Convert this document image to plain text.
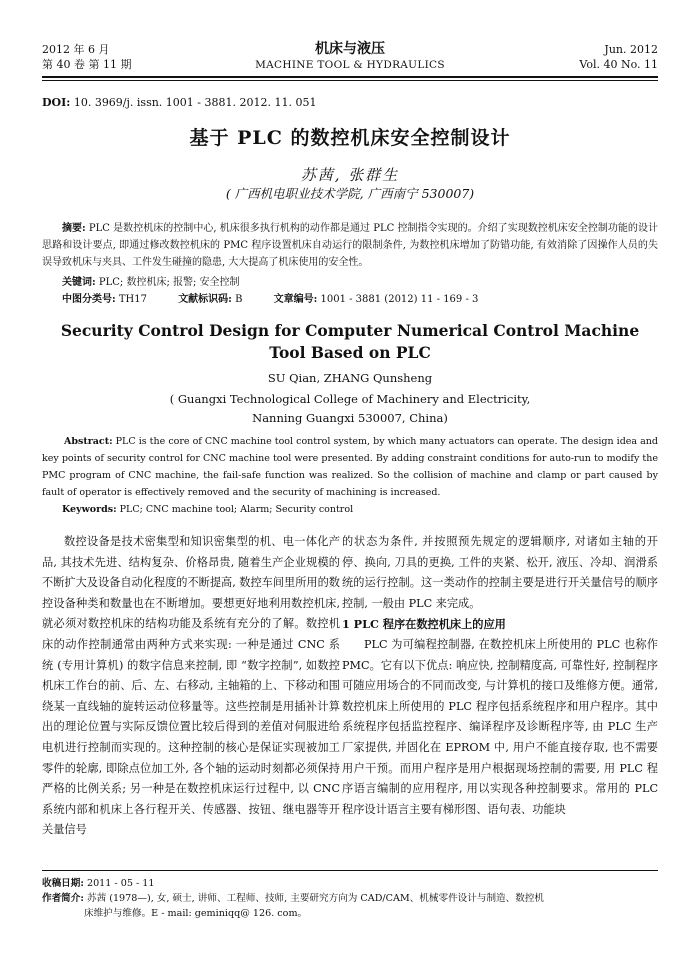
2012 年 6 月
第 40 卷 第 11 期
机床与液压
MACHINE TOOL & HYDRAULICS
Jun. 2012
Vol. 40 No. 11
DOI: 10. 3969/j. issn. 1001 - 3881. 2012. 11. 051
基于 PLC 的数控机床安全控制设计
苏茜, 张群生
( 广西机电职业技术学院, 广西南宁 530007)
摘要: PLC 是数控机床的控制中心, 机床很多执行机构的动作都是通过 PLC 控制指令实现的。介绍了实现数控机床安全控制功能的设计思路和设计要点, 即通过修改数控机床的 PMC 程序设置机床自动运行的限制条件, 为数控机床增加了防错功能, 有效消除了因操作人员的失误导致机床与夹具、工件发生碰撞的隐患, 大大提高了机床使用的安全性。
关键词: PLC; 数控机床; 报警; 安全控制
中图分类号: TH17	文献标识码: B	文章编号: 1001 - 3881 (2012) 11 - 169 - 3
Security Control Design for Computer Numerical Control Machine
Tool Based on PLC
SU Qian, ZHANG Qunsheng
( Guangxi Technological College of Machinery and Electricity,
Nanning Guangxi 530007, China)
Abstract: PLC is the core of CNC machine tool control system, by which many actuators can operate. The design idea and key points of security control for CNC machine tool were presented. By adding constraint conditions for auto-run to modify the PMC program of CNC machine, the fail-safe function was realized. So the collision of machine and clamp or part caused by fault of operator is effectively removed and the security of machining is increased.
Keywords: PLC; CNC machine tool; Alarm; Security control

数控设备是技术密集型和知识密集型的机、电一体化产品, 其技术先进、结构复杂、价格昂贵, 随着生产企业规模的不断扩大及设备自动化程度的不断提高, 数控车间里所用的数控设备种类和数量也在不断增加。要想更好地利用数控机床, 就必须对数控机床的结构功能及系统有充分的了解。数控机床的动作控制通常由两种方式来实现: 一种是通过 CNC 系统 (专用计算机) 的数字信息来控制, 即 “数字控制”, 如数控机床工作台的前、后、左、右移动, 主轴箱的上、下移动和围绕某一直线轴的旋转运动位移量等。这些控制是用插补计算出的理论位置与实际反馈位置比较后得到的差值对伺服进给电机进行控制而实现的。这种控制的核心是保证实现被加工零件的轮廓, 即除点位加工外, 各个轴的运动时刻都必须保持严格的比例关系; 另一种是在数控机床运行过程中, 以 CNC 系统内部和机床上各行程开关、传感器、按钮、继电器等开关量信号

的状态为条件, 并按照预先规定的逻辑顺序, 对诸如主轴的开停、换向, 刀具的更换, 工件的夹紧、松开, 液压、冷却、润滑系统的运行控制。这一类动作的控制主要是进行开关量信号的顺序控制, 一般由 PLC 来完成。

1 PLC 程序在数控机床上的应用

PLC 为可编程控制器, 在数控机床上所使用的 PLC 也称作 PMC。它有以下优点: 响应快, 控制精度高, 可靠性好, 控制程序可随应用场合的不同而改变, 与计算机的接口及维修方便。通常, 数控机床上所使用的 PLC 程序包括系统程序和用户程序。其中系统程序包括监控程序、编译程序及诊断程序等, 由 PLC 生产厂家提供, 并固化在 EPROM 中, 用户不能直接存取, 也不需要用户干预。而用户程序是用户根据现场控制的需要, 用 PLC 程序语言编制的应用程序, 用以实现各种控制要求。常用的 PLC 程序设计语言主要有梯形图、语句表、功能块

收稿日期: 2011 - 05 - 11
作者简介: 苏茜 (1978—), 女, 硕士, 讲师、工程师、技师, 主要研究方向为 CAD/CAM、机械零件设计与制造、数控机
床维护与维修。E - mail: geminiqq@ 126. com。
